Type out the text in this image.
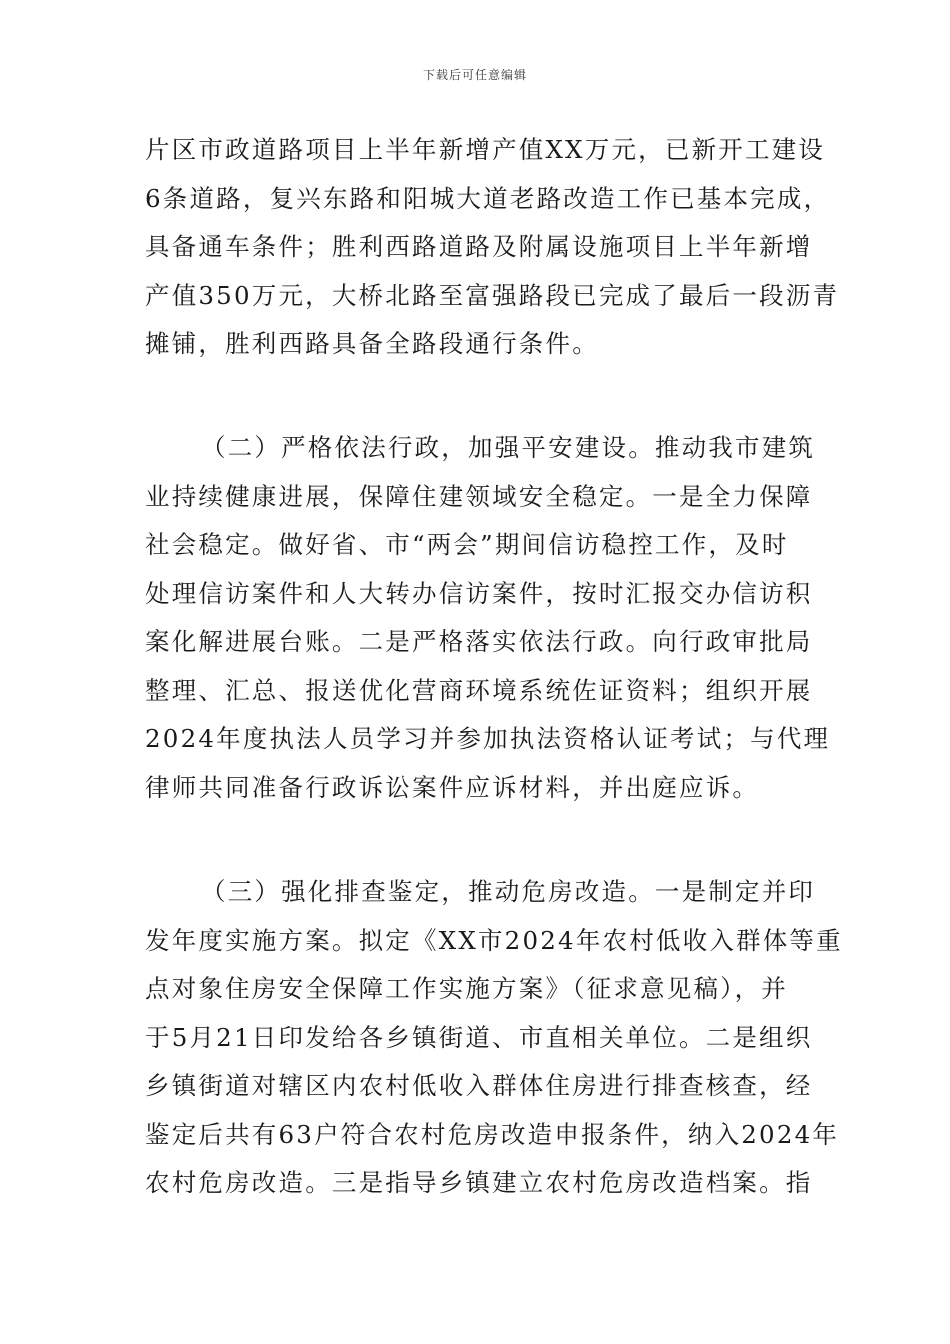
下载后可任意编辑
片区市政道路项目上半年新增产值XX万元，已新开工建设
6条道路，复兴东路和阳城大道老路改造工作已基本完成，
具备通车条件；胜利西路道路及附属设施项目上半年新增
产值350万元，大桥北路至富强路段已完成了最后一段沥青
摊铺，胜利西路具备全路段通行条件。
（二）严格依法行政，加强平安建设。推动我市建筑
业持续健康进展，保障住建领域安全稳定。一是全力保障
社会稳定。做好省、市“两会”期间信访稳控工作，及时
处理信访案件和人大转办信访案件，按时汇报交办信访积
案化解进展台账。二是严格落实依法行政。向行政审批局
整理、汇总、报送优化营商环境系统佐证资料；组织开展
2024年度执法人员学习并参加执法资格认证考试；与代理
律师共同准备行政诉讼案件应诉材料，并出庭应诉。
（三）强化排查鉴定，推动危房改造。一是制定并印
发年度实施方案。拟定《XX市2024年农村低收入群体等重
点对象住房安全保障工作实施方案》（征求意见稿），并
于5月21日印发给各乡镇街道、市直相关单位。二是组织
乡镇街道对辖区内农村低收入群体住房进行排查核查，经
鉴定后共有63户符合农村危房改造申报条件，纳入2024年
农村危房改造。三是指导乡镇建立农村危房改造档案。指
